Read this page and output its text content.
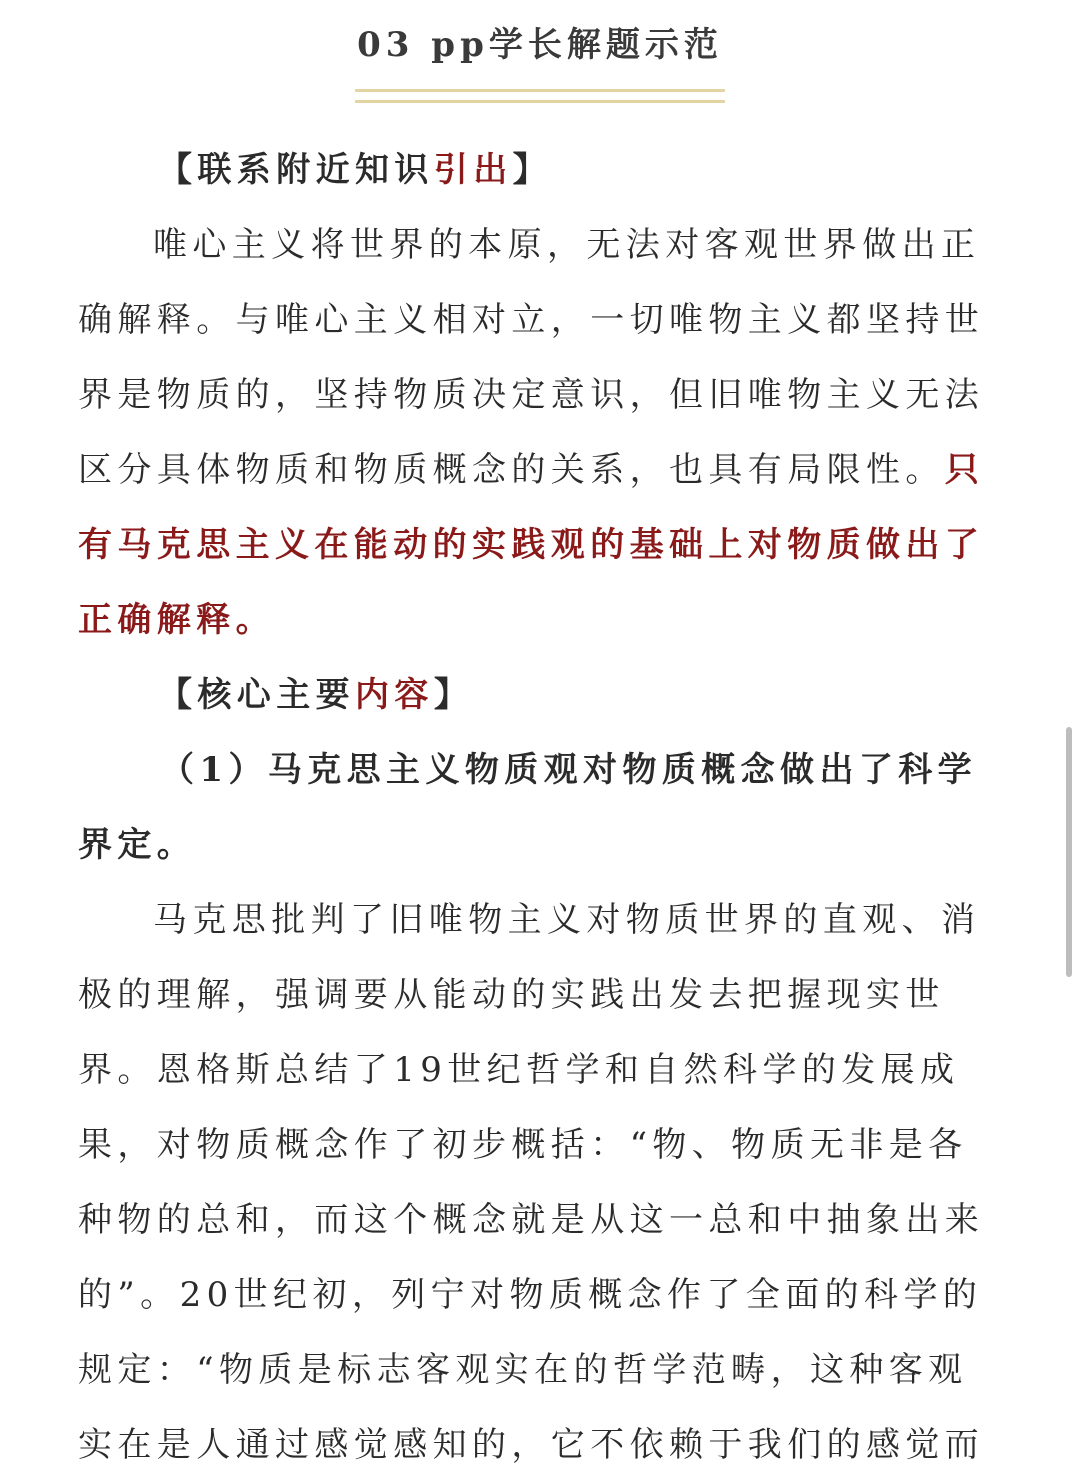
03 pp学长解题示范
【联系附近知识引出】
唯心主义将世界的本原，无法对客观世界做出正
确解释。与唯心主义相对立，一切唯物主义都坚持世
界是物质的，坚持物质决定意识，但旧唯物主义无法
区分具体物质和物质概念的关系，也具有局限性。只
有马克思主义在能动的实践观的基础上对物质做出了
正确解释。
【核心主要内容】
（1）马克思主义物质观对物质概念做出了科学
界定。
马克思批判了旧唯物主义对物质世界的直观、消
极的理解，强调要从能动的实践出发去把握现实世
界。恩格斯总结了19世纪哲学和自然科学的发展成
果，对物质概念作了初步概括：“物、物质无非是各
种物的总和，而这个概念就是从这一总和中抽象出来
的”。20世纪初，列宁对物质概念作了全面的科学的
规定：“物质是标志客观实在的哲学范畴，这种客观
实在是人通过感觉感知的，它不依赖于我们的感觉而
